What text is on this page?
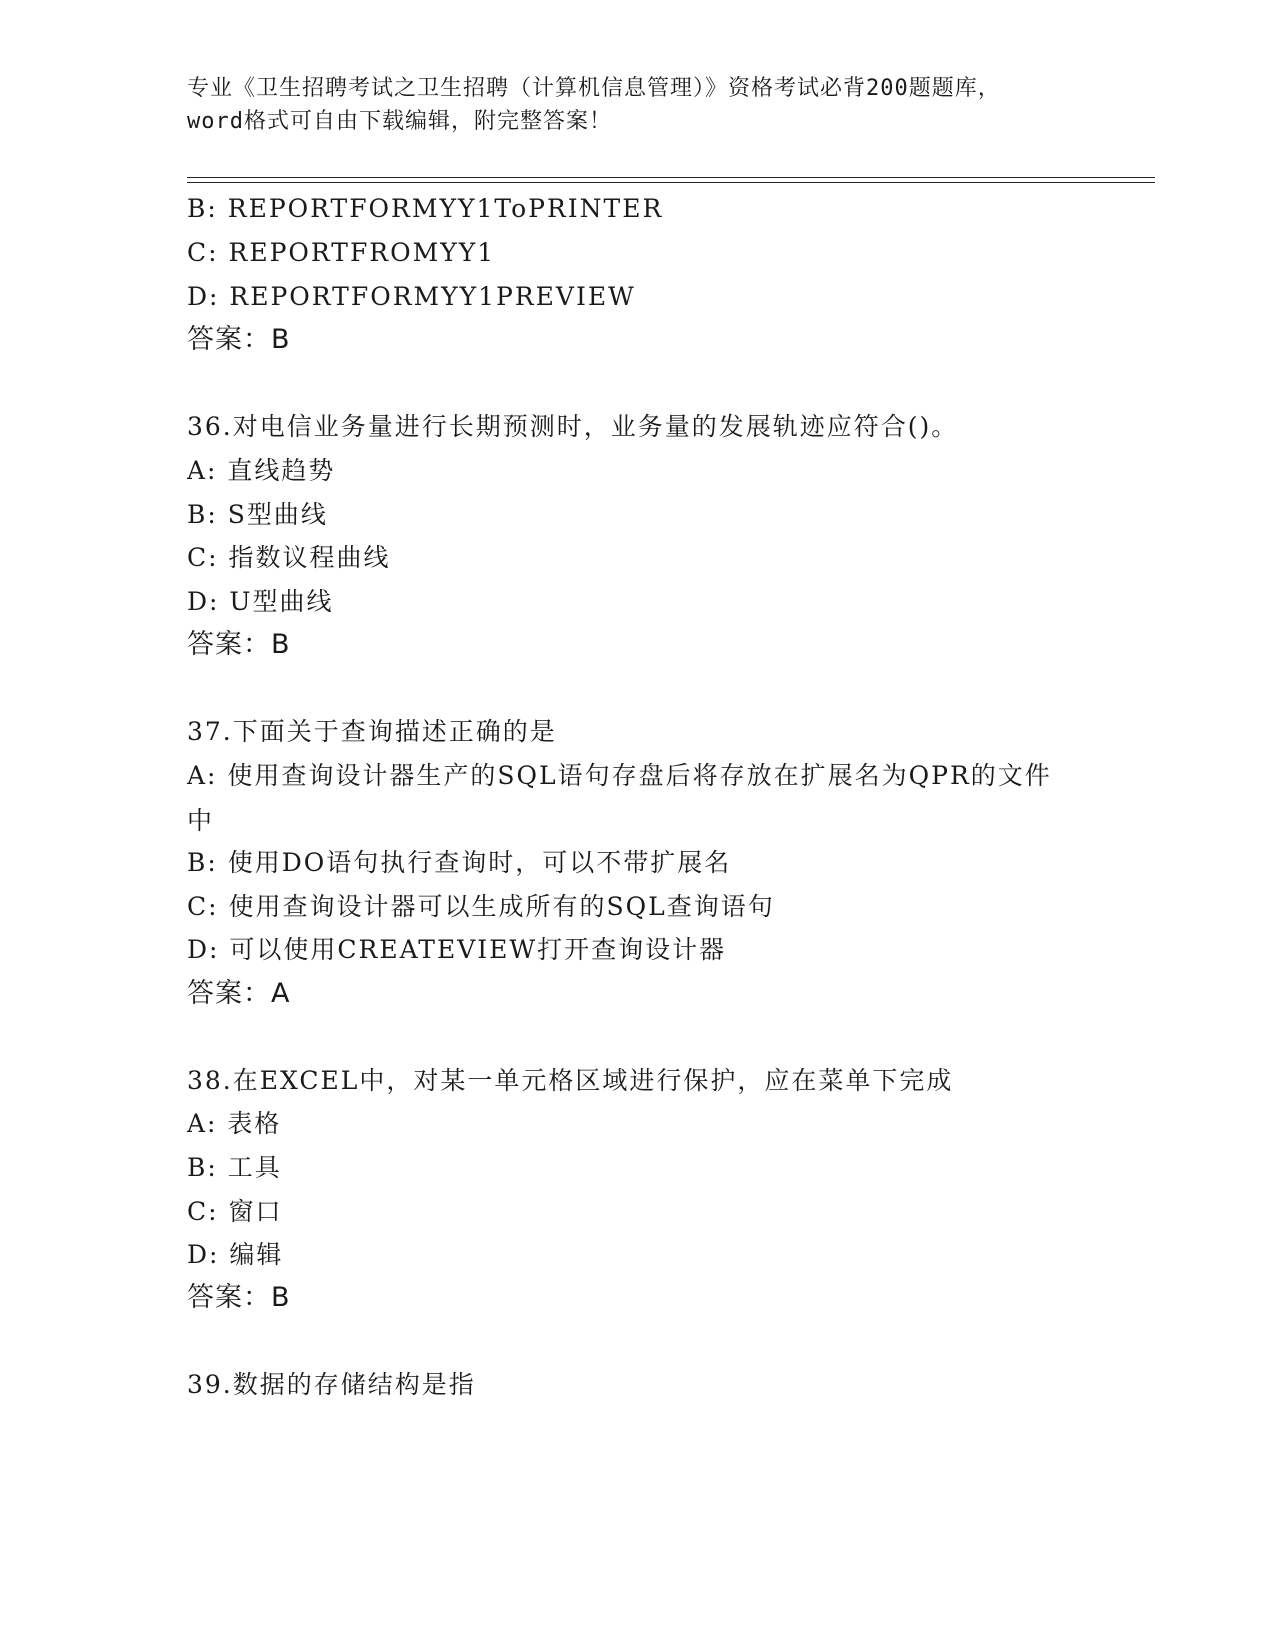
专业《卫生招聘考试之卫生招聘（计算机信息管理）》资格考试必背200题题库，
word格式可自由下载编辑，附完整答案！
B: REPORTFORMYY1ToPRINTER
C: REPORTFROMYY1
D: REPORTFORMYY1PREVIEW
答案：B
36.对电信业务量进行长期预测时，业务量的发展轨迹应符合()。
A: 直线趋势
B: S型曲线
C: 指数议程曲线
D: U型曲线
答案：B
37.下面关于查询描述正确的是
A: 使用查询设计器生产的SQL语句存盘后将存放在扩展名为QPR的文件中
B: 使用DO语句执行查询时，可以不带扩展名
C: 使用查询设计器可以生成所有的SQL查询语句
D: 可以使用CREATEVIEW打开查询设计器
答案：A
38.在EXCEL中，对某一单元格区域进行保护，应在菜单下完成
A: 表格
B: 工具
C: 窗口
D: 编辑
答案：B
39.数据的存储结构是指
